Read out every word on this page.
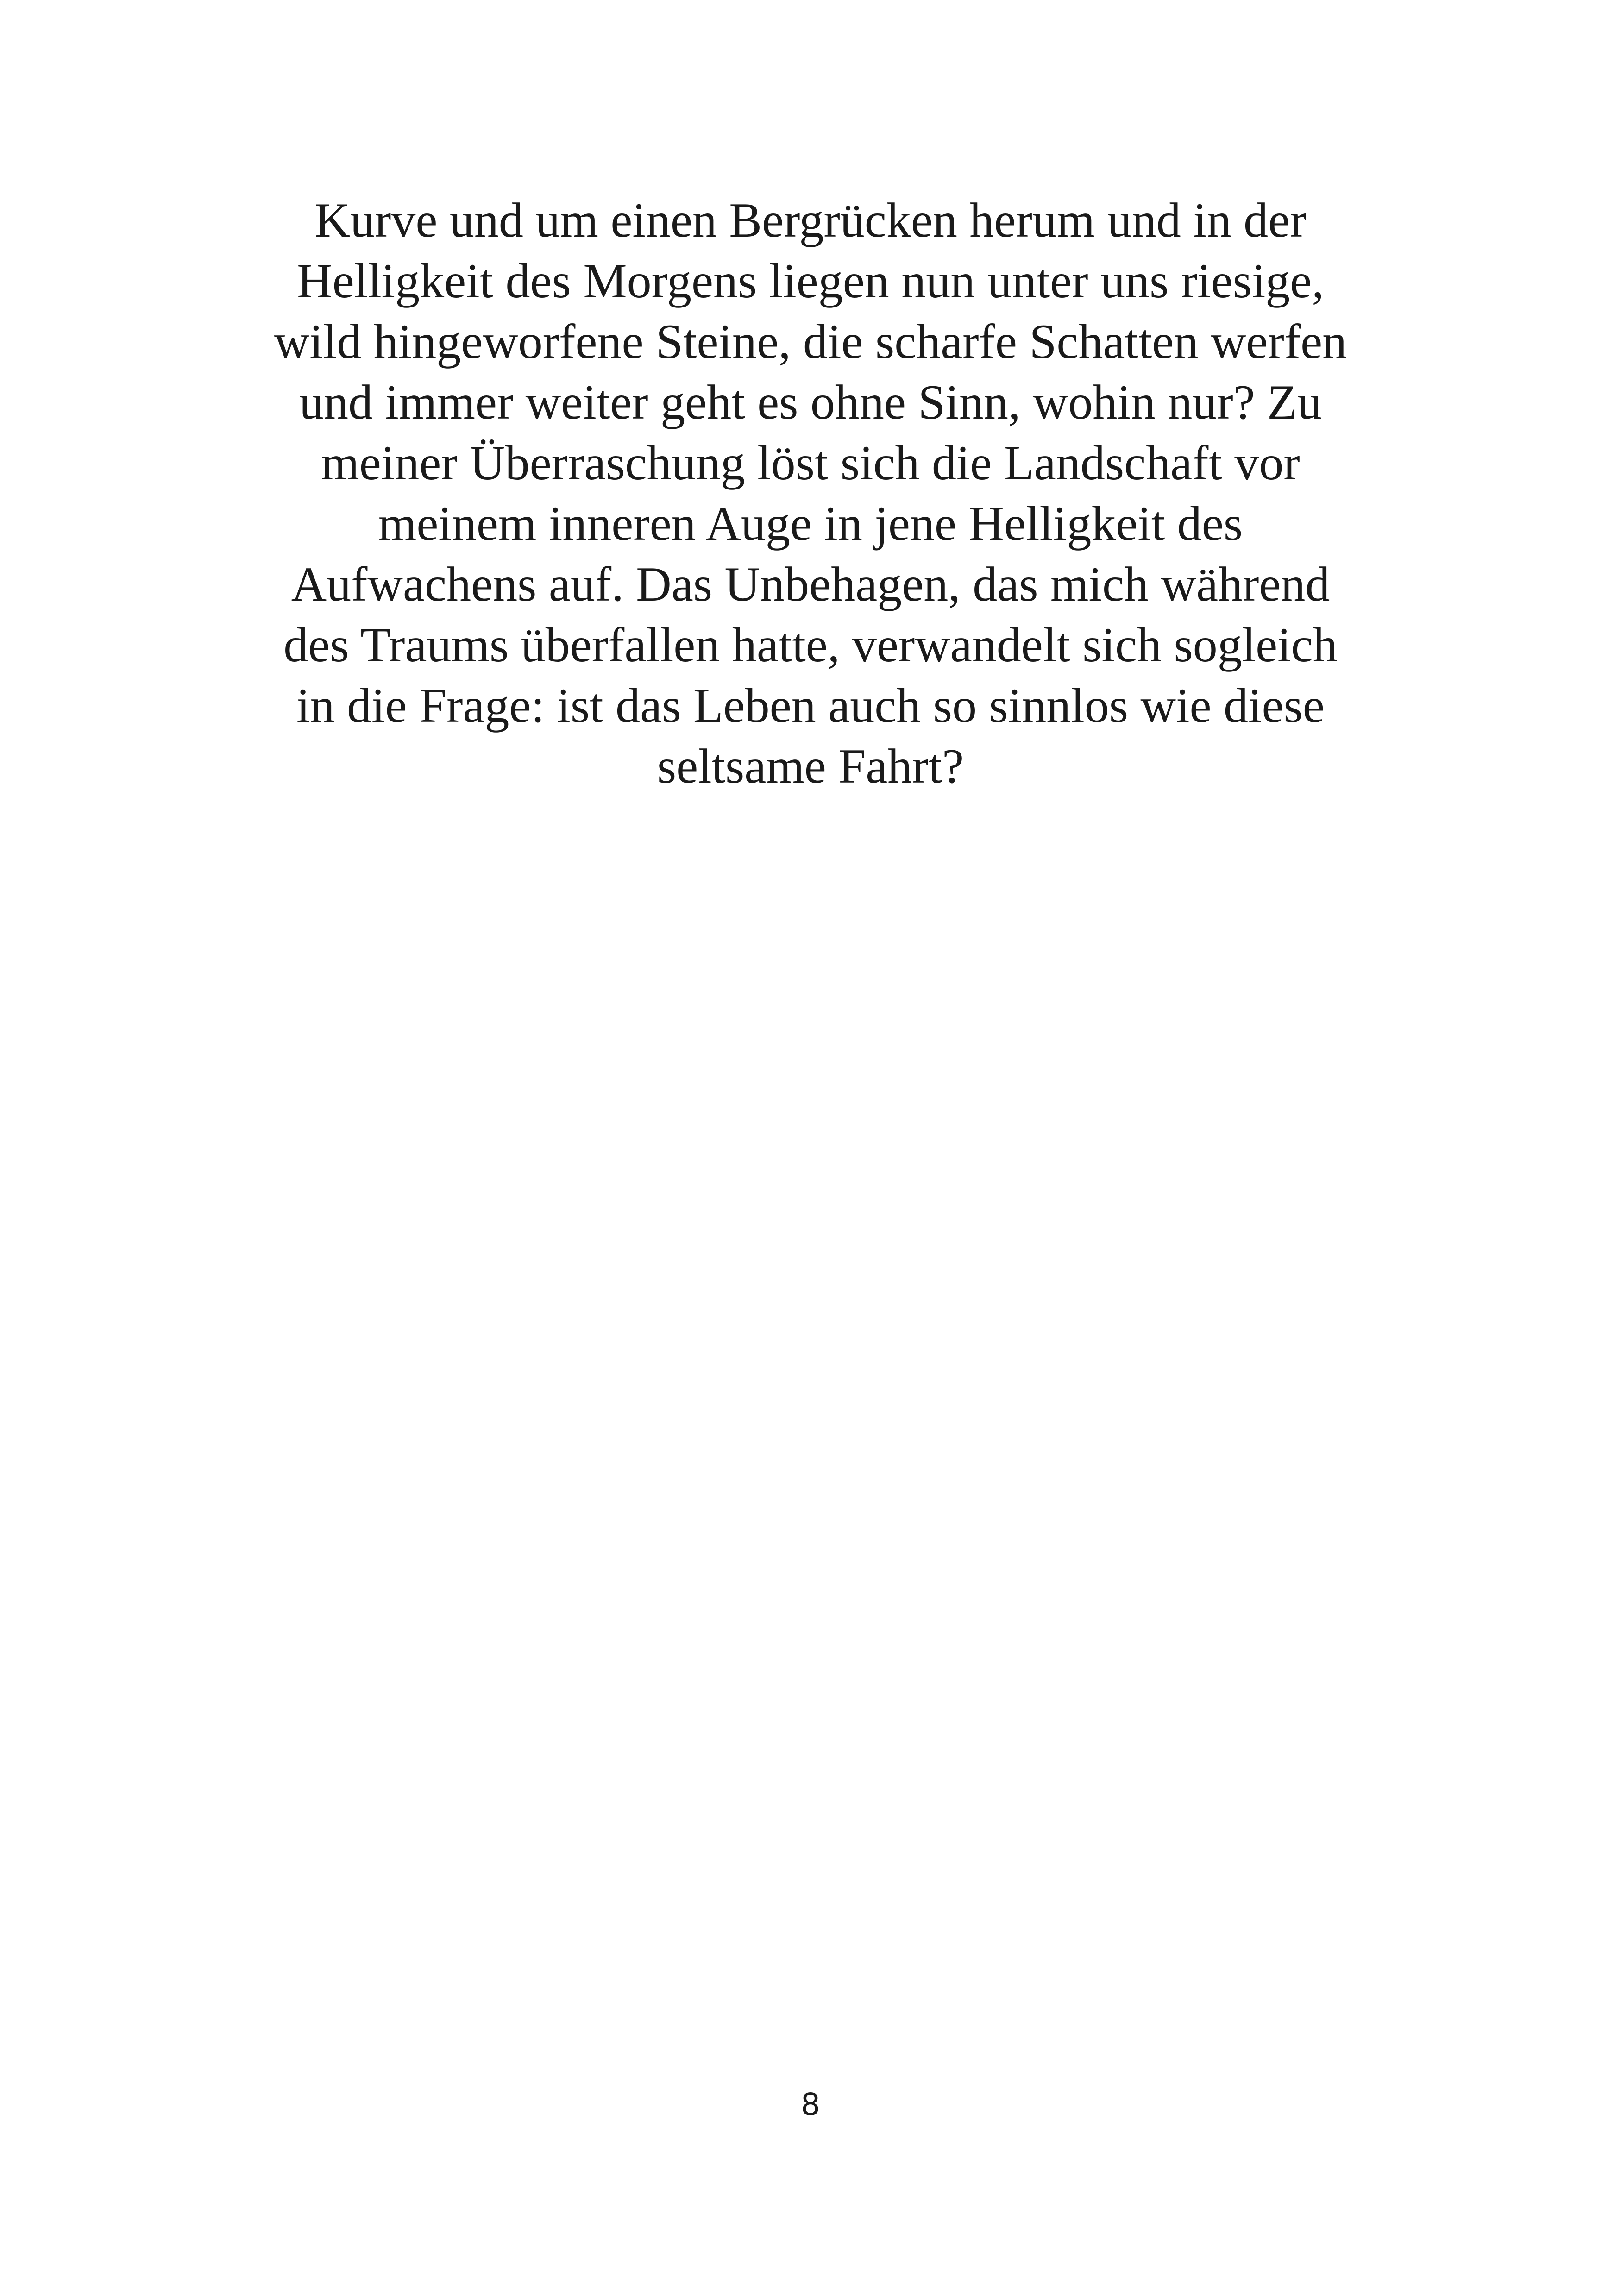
Kurve und um einen Bergrücken herum und in der
Helligkeit des Morgens liegen nun unter uns riesige,
wild hingeworfene Steine, die scharfe Schatten werfen
und immer weiter geht es ohne Sinn, wohin nur? Zu
meiner Überraschung löst sich die Landschaft vor
meinem inneren Auge in jene Helligkeit des
Aufwachens auf. Das Unbehagen, das mich während
des Traums überfallen hatte, verwandelt sich sogleich
in die Frage: ist das Leben auch so sinnlos wie diese
seltsame Fahrt?
8
